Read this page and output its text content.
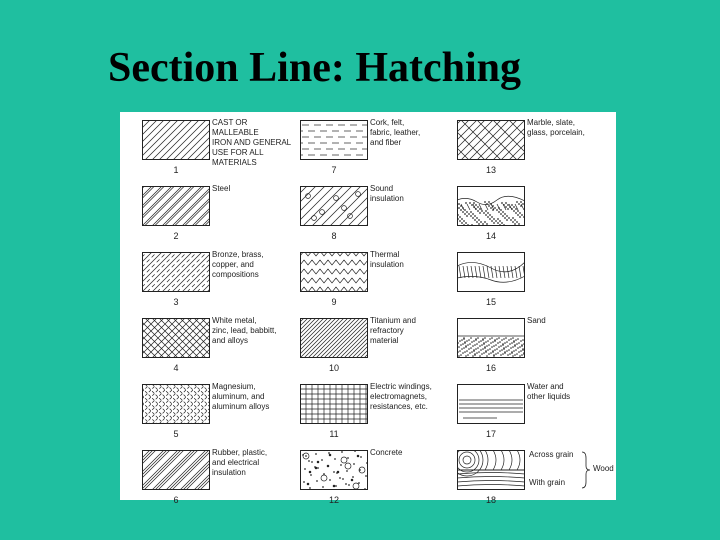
Section Line: Hatching
CAST OR MALLEABLE
IRON AND GENERAL
USE FOR ALL
MATERIALS
1
Steel
2
Bronze, brass,
copper, and
compositions
3
White metal,
zinc, lead, babbitt,
and alloys
4
Magnesium,
aluminum, and
aluminum alloys
5
Rubber, plastic,
and electrical
insulation
6
Cork, felt,
fabric, leather,
and fiber
7
Sound
insulation
8
Thermal
insulation
9
Titanium and
refractory
material
10
Electric windings,
electromagnets,
resistances, etc.
11
Concrete
12
Marble, slate,
glass, porcelain,
13
14
15
Sand
16
Water and
other liquids
17
18
Across grain
With grain
Wood
